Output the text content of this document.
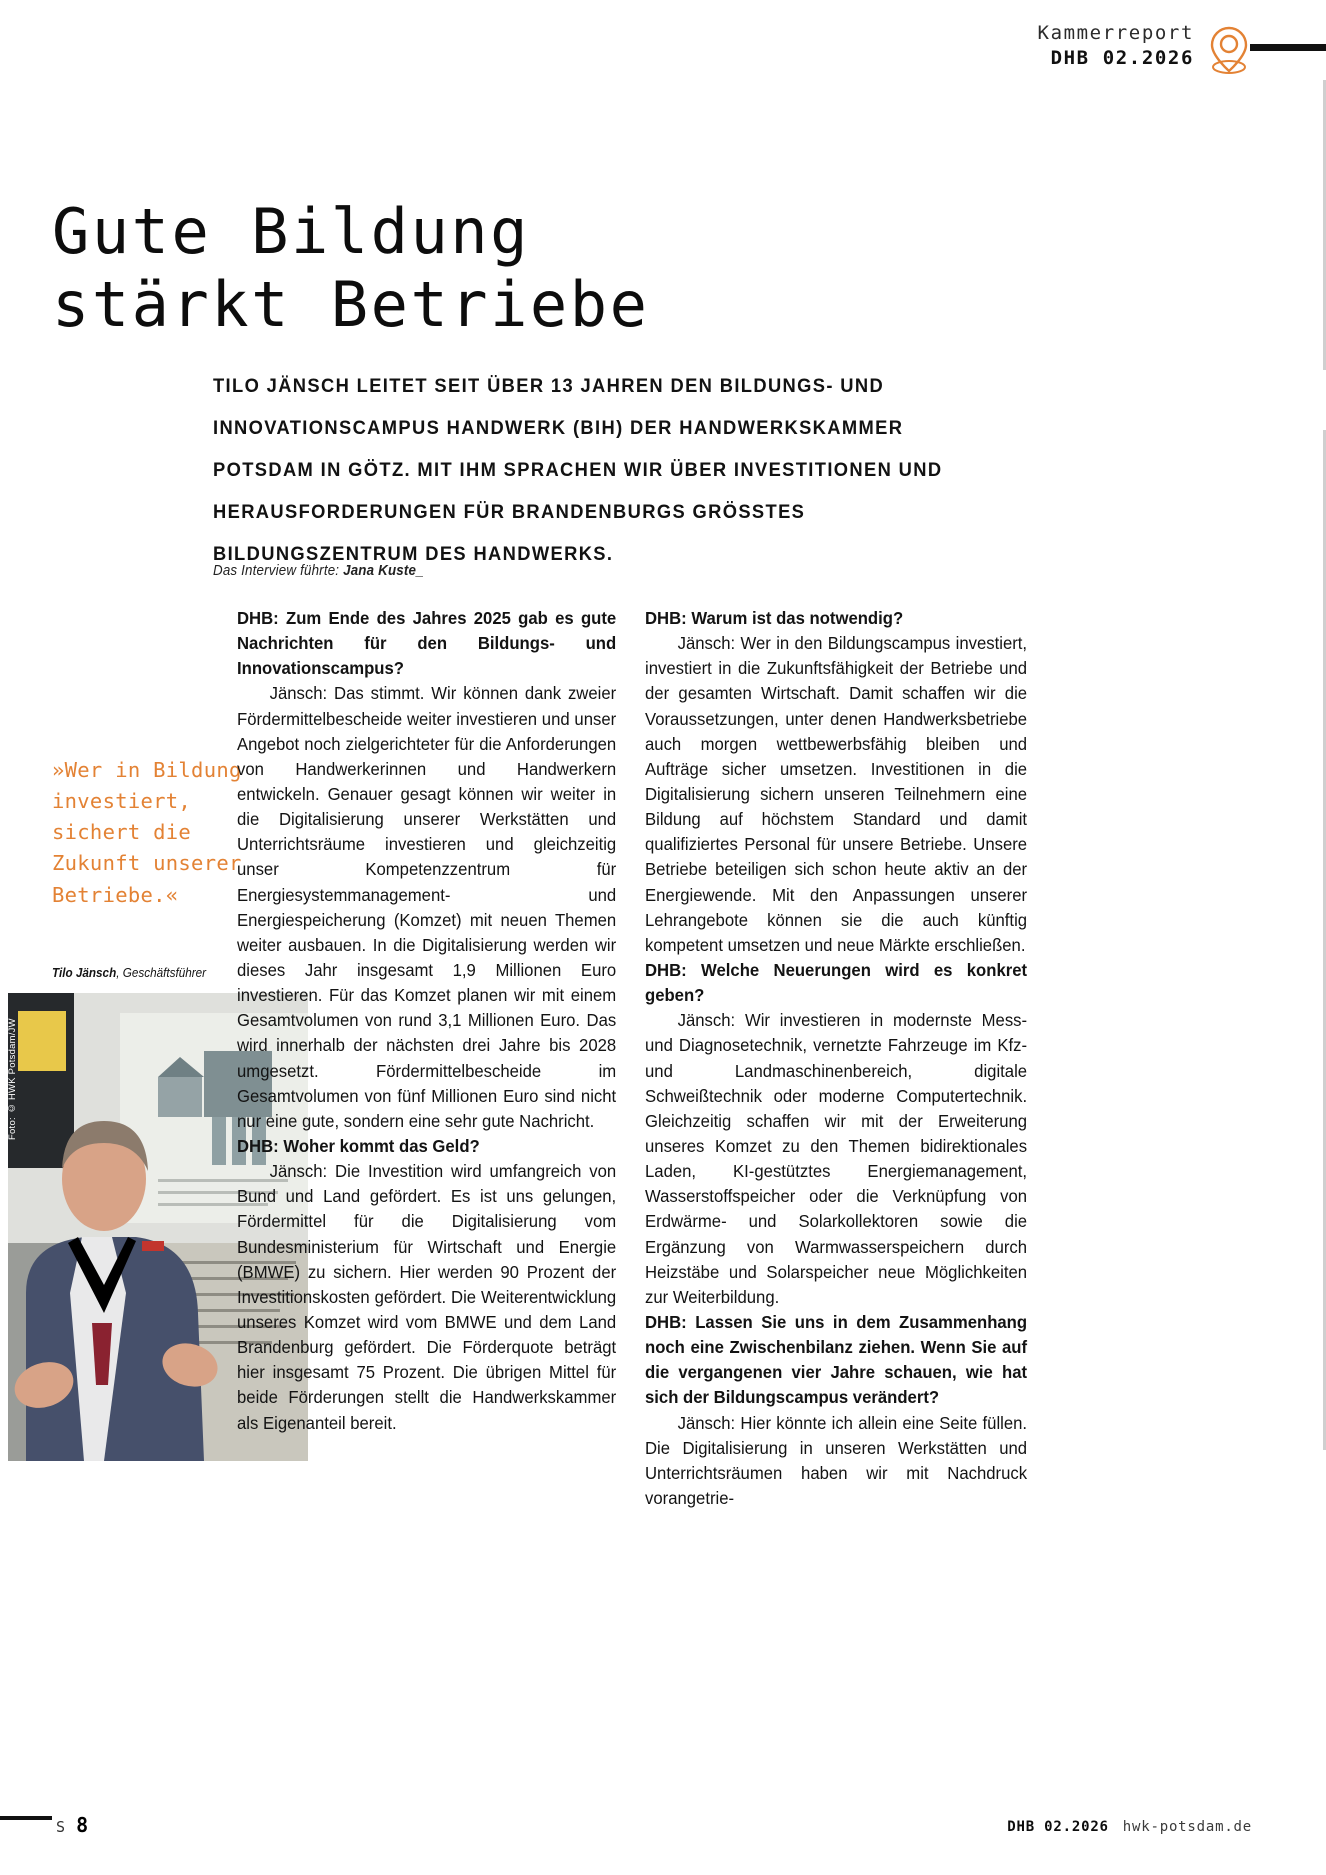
Kammerreport
DHB 02.2026
Gute Bildung
stärkt Betriebe
TILO JÄNSCH LEITET SEIT ÜBER 13 JAHREN DEN BILDUNGS- UND INNOVATIONSCAMPUS HANDWERK (BIH) DER HANDWERKSKAMMER POTSDAM IN GÖTZ. MIT IHM SPRACHEN WIR ÜBER INVESTITIONEN UND HERAUSFORDERUNGEN FÜR BRANDENBURGS GRÖSSTES BILDUNGSZENTRUM DES HANDWERKS.
Das Interview führte: Jana Kuste_
»Wer in Bildung investiert, sichert die Zukunft unserer Betriebe.«
Tilo Jänsch, Geschäftsführer
Foto: © HWK Potsdam/JW

DHB: Zum Ende des Jahres 2025 gab es gute Nachrichten für den Bildungs- und Innovationscampus?

Jänsch: Das stimmt. Wir können dank zweier Fördermittelbescheide weiter investieren und unser Angebot noch zielgerichteter für die Anforderungen von Handwerkerinnen und Handwerkern entwickeln. Genauer gesagt können wir weiter in die Digitalisierung unserer Werkstätten und Unterrichtsräume investieren und gleichzeitig unser Kompetenzzentrum für Energiesystemmanagement- und Energiespeicherung (Komzet) mit neuen Themen weiter ausbauen. In die Digitalisierung werden wir dieses Jahr insgesamt 1,9 Millionen Euro investieren. Für das Komzet planen wir mit einem Gesamtvolumen von rund 3,1 Millionen Euro. Das wird innerhalb der nächsten drei Jahre bis 2028 umgesetzt. Fördermittelbescheide im Gesamtvolumen von fünf Millionen Euro sind nicht nur eine gute, sondern eine sehr gute Nachricht.

DHB: Woher kommt das Geld?

Jänsch: Die Investition wird umfangreich von Bund und Land gefördert. Es ist uns gelungen, Fördermittel für die Digitalisierung vom Bundesministerium für Wirtschaft und Energie (BMWE) zu sichern. Hier werden 90 Prozent der Investitionskosten gefördert. Die Weiterentwicklung unseres Komzet wird vom BMWE und dem Land Brandenburg gefördert. Die Förderquote beträgt hier insgesamt 75 Prozent. Die übrigen Mittel für beide Förderungen stellt die Handwerkskammer als Eigenanteil bereit.

DHB: Warum ist das notwendig?

Jänsch: Wer in den Bildungscampus investiert, investiert in die Zukunftsfähigkeit der Betriebe und der gesamten Wirtschaft. Damit schaffen wir die Voraussetzungen, unter denen Handwerksbetriebe auch morgen wettbewerbsfähig bleiben und Aufträge sicher umsetzen. Investitionen in die Digitalisierung sichern unseren Teilnehmern eine Bildung auf höchstem Standard und damit qualifiziertes Personal für unsere Betriebe. Unsere Betriebe beteiligen sich schon heute aktiv an der Energiewende. Mit den Anpassungen unserer Lehrangebote können sie die auch künftig kompetent umsetzen und neue Märkte erschließen.

DHB: Welche Neuerungen wird es konkret geben?

Jänsch: Wir investieren in modernste Mess- und Diagnosetechnik, vernetzte Fahrzeuge im Kfz- und Landmaschinenbereich, digitale Schweißtechnik oder moderne Computertechnik. Gleichzeitig schaffen wir mit der Erweiterung unseres Komzet zu den Themen bidirektionales Laden, KI-gestütztes Energiemanagement, Wasserstoffspeicher oder die Verknüpfung von Erdwärme- und Solarkollektoren sowie die Ergänzung von Warmwasserspeichern durch Heizstäbe und Solarspeicher neue Möglichkeiten zur Weiterbildung.

DHB: Lassen Sie uns in dem Zusammenhang noch eine Zwischenbilanz ziehen. Wenn Sie auf die vergangenen vier Jahre schauen, wie hat sich der Bildungscampus verändert?

Jänsch: Hier könnte ich allein eine Seite füllen. Die Digitalisierung in unseren Werkstätten und Unterrichtsräumen haben wir mit Nachdruck vorangetrie-

S 8	DHB 02.2026 hwk-potsdam.de
